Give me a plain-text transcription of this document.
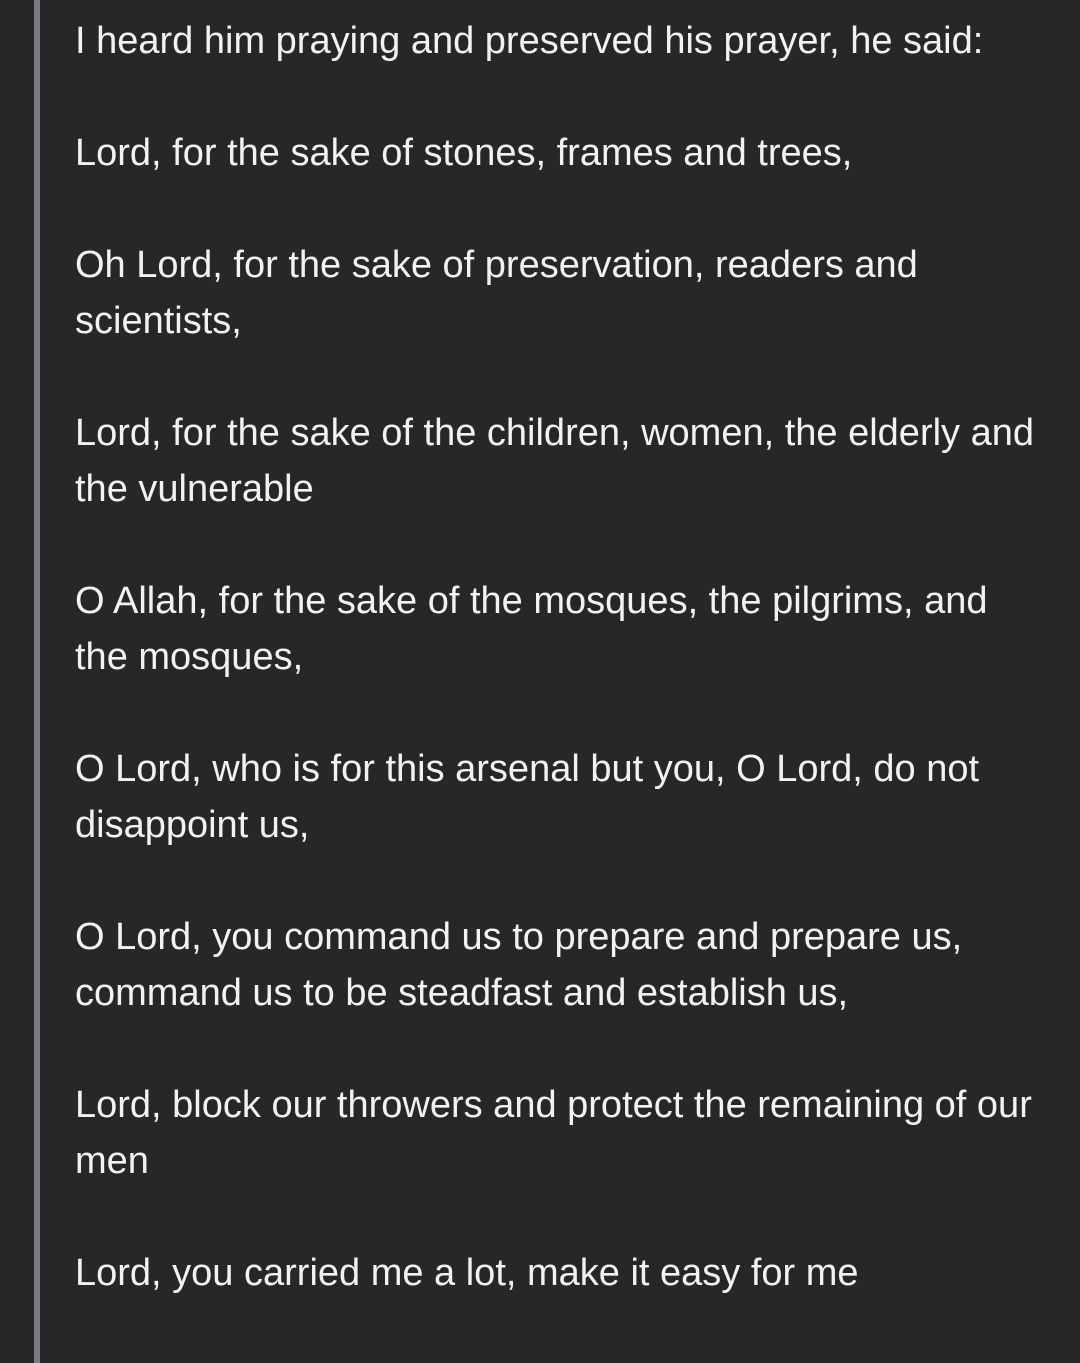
I heard him praying and preserved his prayer, he said:

Lord, for the sake of stones, frames and trees,

Oh Lord, for the sake of preservation, readers and scientists,

Lord, for the sake of the children, women, the elderly and the vulnerable

O Allah, for the sake of the mosques, the pilgrims, and the mosques,

O Lord, who is for this arsenal but you, O Lord, do not disappoint us,

O Lord, you command us to prepare and prepare us, command us to be steadfast and establish us,

Lord, block our throwers and protect the remaining of our men

Lord, you carried me a lot, make it easy for me
